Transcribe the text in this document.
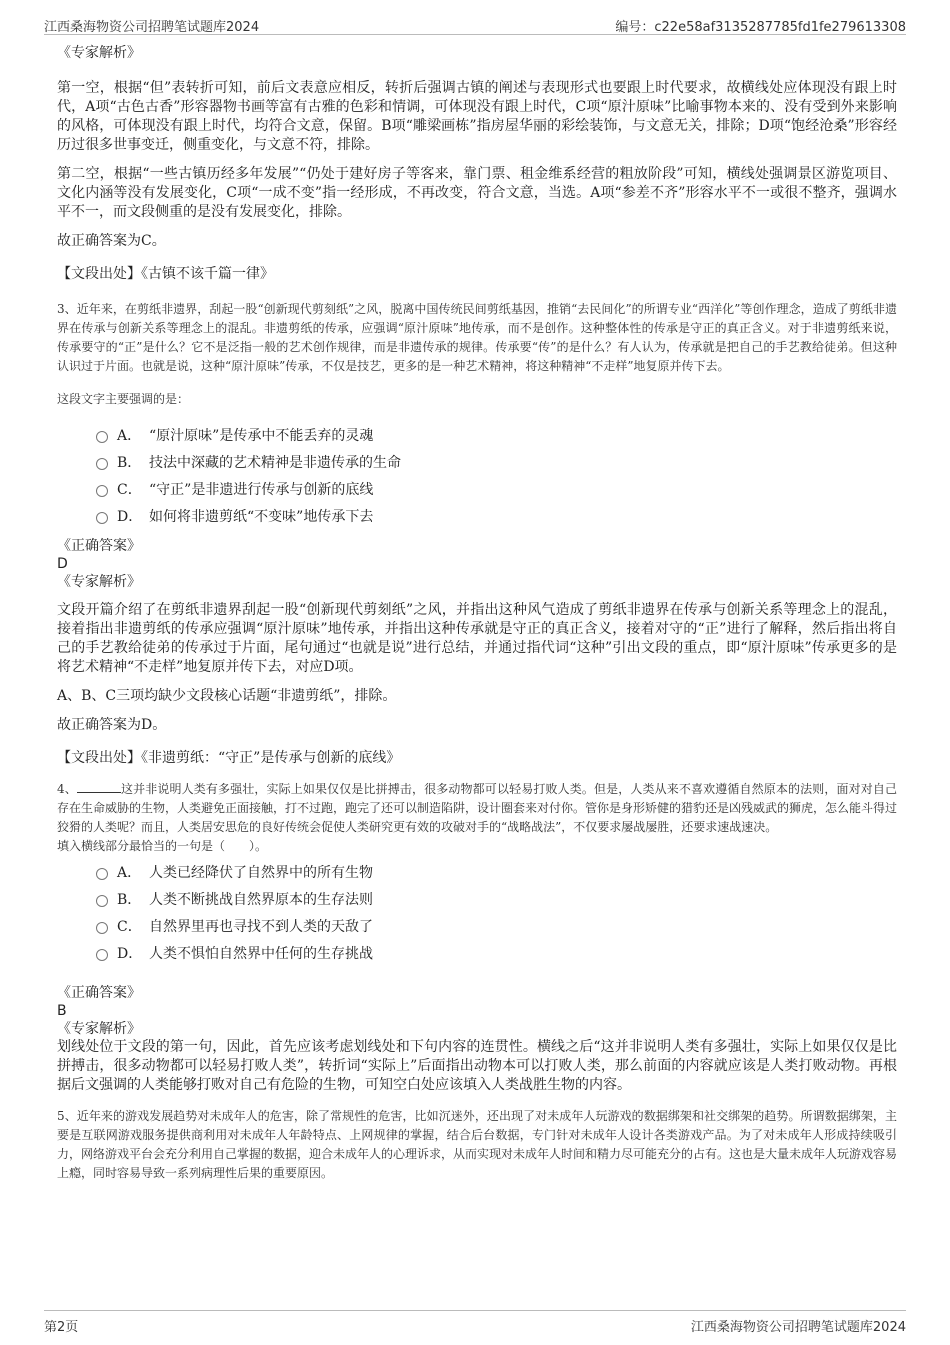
江西桑海物资公司招聘笔试题库2024	编号：c22e58af3135287785fd1fe279613308

《专家解析》

第一空，根据“但”表转折可知，前后文表意应相反，转折后强调古镇的阐述与表现形式也要跟上时代要求，故横线处应体现没有跟上时代，A项“古色古香”形容器物书画等富有古雅的色彩和情调，可体现没有跟上时代，C项“原汁原味”比喻事物本来的、没有受到外来影响的风格，可体现没有跟上时代，均符合文意，保留。B项“雕梁画栋”指房屋华丽的彩绘装饰，与文意无关，排除；D项“饱经沧桑”形容经历过很多世事变迁，侧重变化，与文意不符，排除。

第二空，根据“一些古镇历经多年发展”“仍处于建好房子等客来，靠门票、租金维系经营的粗放阶段”可知，横线处强调景区游览项目、文化内涵等没有发展变化，C项“一成不变”指一经形成，不再改变，符合文意，当选。A项“参差不齐”形容水平不一或很不整齐，强调水平不一，而文段侧重的是没有发展变化，排除。

故正确答案为C。

【文段出处】《古镇不该千篇一律》

3、近年来，在剪纸非遗界，刮起一股“创新现代剪刻纸”之风，脱离中国传统民间剪纸基因，推销“去民间化”的所谓专业“西洋化”等创作理念，造成了剪纸非遗界在传承与创新关系等理念上的混乱。非遗剪纸的传承，应强调“原汁原味”地传承，而不是创作。这种整体性的传承是守正的真正含义。对于非遗剪纸来说，传承要守的“正”是什么？它不是泛指一般的艺术创作规律，而是非遗传承的规律。传承要“传”的是什么？有人认为，传承就是把自己的手艺教给徒弟。但这种认识过于片面。也就是说，这种“原汁原味”传承，不仅是技艺，更多的是一种艺术精神，将这种精神“不走样”地复原并传下去。

这段文字主要强调的是：

A． “原汁原味”是传承中不能丢弃的灵魂
B． 技法中深藏的艺术精神是非遗传承的生命
C． “守正”是非遗进行传承与创新的底线
D． 如何将非遗剪纸“不变味”地传承下去

《正确答案》

D

《专家解析》

文段开篇介绍了在剪纸非遗界刮起一股“创新现代剪刻纸”之风，并指出这种风气造成了剪纸非遗界在传承与创新关系等理念上的混乱，接着指出非遗剪纸的传承应强调“原汁原味”地传承，并指出这种传承就是守正的真正含义，接着对守的“正”进行了解释，然后指出将自己的手艺教给徒弟的传承过于片面，尾句通过“也就是说”进行总结，并通过指代词“这种”引出文段的重点，即“原汁原味”传承更多的是将艺术精神“不走样”地复原并传下去，对应D项。

A、B、C三项均缺少文段核心话题“非遗剪纸”，排除。

故正确答案为D。

【文段出处】《非遗剪纸：“守正”是传承与创新的底线》

4、	这并非说明人类有多强壮，实际上如果仅仅是比拼搏击，很多动物都可以轻易打败人类。但是，人类从来不喜欢遵循自然原本的法则，面对对自己存在生命威胁的生物，人类避免正面接触，打不过跑，跑完了还可以制造陷阱，设计圈套来对付你。管你是身形矫健的猎豹还是凶残威武的狮虎，怎么能斗得过狡猾的人类呢？而且，人类居安思危的良好传统会促使人类研究更有效的攻破对手的“战略战法”，不仅要求屡战屡胜，还要求速战速决。

填入横线部分最恰当的一句是（　　）。

A． 人类已经降伏了自然界中的所有生物
B． 人类不断挑战自然界原本的生存法则
C． 自然界里再也寻找不到人类的天敌了
D． 人类不惧怕自然界中任何的生存挑战

《正确答案》

B

《专家解析》

划线处位于文段的第一句，因此，首先应该考虑划线处和下句内容的连贯性。横线之后“这并非说明人类有多强壮，实际上如果仅仅是比拼搏击，很多动物都可以轻易打败人类”，转折词“实际上”后面指出动物本可以打败人类，那么前面的内容就应该是人类打败动物。再根据后文强调的人类能够打败对自己有危险的生物，可知空白处应该填入人类战胜生物的内容。

5、近年来的游戏发展趋势对未成年人的危害，除了常规性的危害，比如沉迷外，还出现了对未成年人玩游戏的数据绑架和社交绑架的趋势。所谓数据绑架，主要是互联网游戏服务提供商利用对未成年人年龄特点、上网规律的掌握，结合后台数据，专门针对未成年人设计各类游戏产品。为了对未成年人形成持续吸引力，网络游戏平台会充分利用自己掌握的数据，迎合未成年人的心理诉求，从而实现对未成年人时间和精力尽可能充分的占有。这也是大量未成年人玩游戏容易上瘾，同时容易导致一系列病理性后果的重要原因。

第2页	江西桑海物资公司招聘笔试题库2024
